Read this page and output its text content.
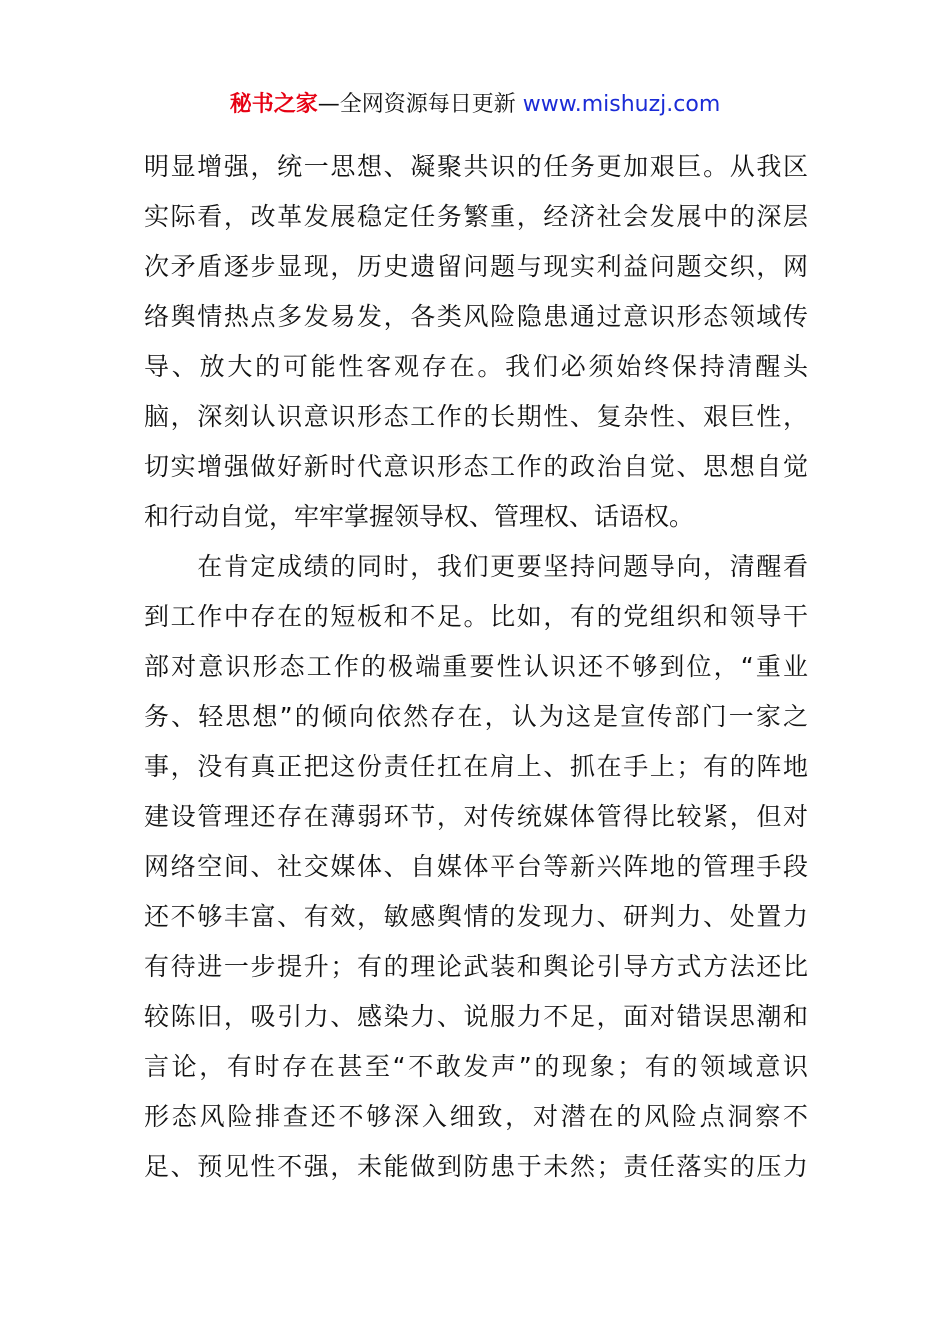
秘书之家—全网资源每日更新 www.mishuzj.com
明显增强，统一思想、凝聚共识的任务更加艰巨。从我区
实际看，改革发展稳定任务繁重，经济社会发展中的深层
次矛盾逐步显现，历史遗留问题与现实利益问题交织，网
络舆情热点多发易发，各类风险隐患通过意识形态领域传
导、放大的可能性客观存在。我们必须始终保持清醒头
脑，深刻认识意识形态工作的长期性、复杂性、艰巨性，
切实增强做好新时代意识形态工作的政治自觉、思想自觉
和行动自觉，牢牢掌握领导权、管理权、话语权。
　　在肯定成绩的同时，我们更要坚持问题导向，清醒看
到工作中存在的短板和不足。比如，有的党组织和领导干
部对意识形态工作的极端重要性认识还不够到位，“重业
务、轻思想”的倾向依然存在，认为这是宣传部门一家之
事，没有真正把这份责任扛在肩上、抓在手上；有的阵地
建设管理还存在薄弱环节，对传统媒体管得比较紧，但对
网络空间、社交媒体、自媒体平台等新兴阵地的管理手段
还不够丰富、有效，敏感舆情的发现力、研判力、处置力
有待进一步提升；有的理论武装和舆论引导方式方法还比
较陈旧，吸引力、感染力、说服力不足，面对错误思潮和
言论，有时存在甚至“不敢发声”的现象；有的领域意识
形态风险排查还不够深入细致，对潜在的风险点洞察不
足、预见性不强，未能做到防患于未然；责任落实的压力
